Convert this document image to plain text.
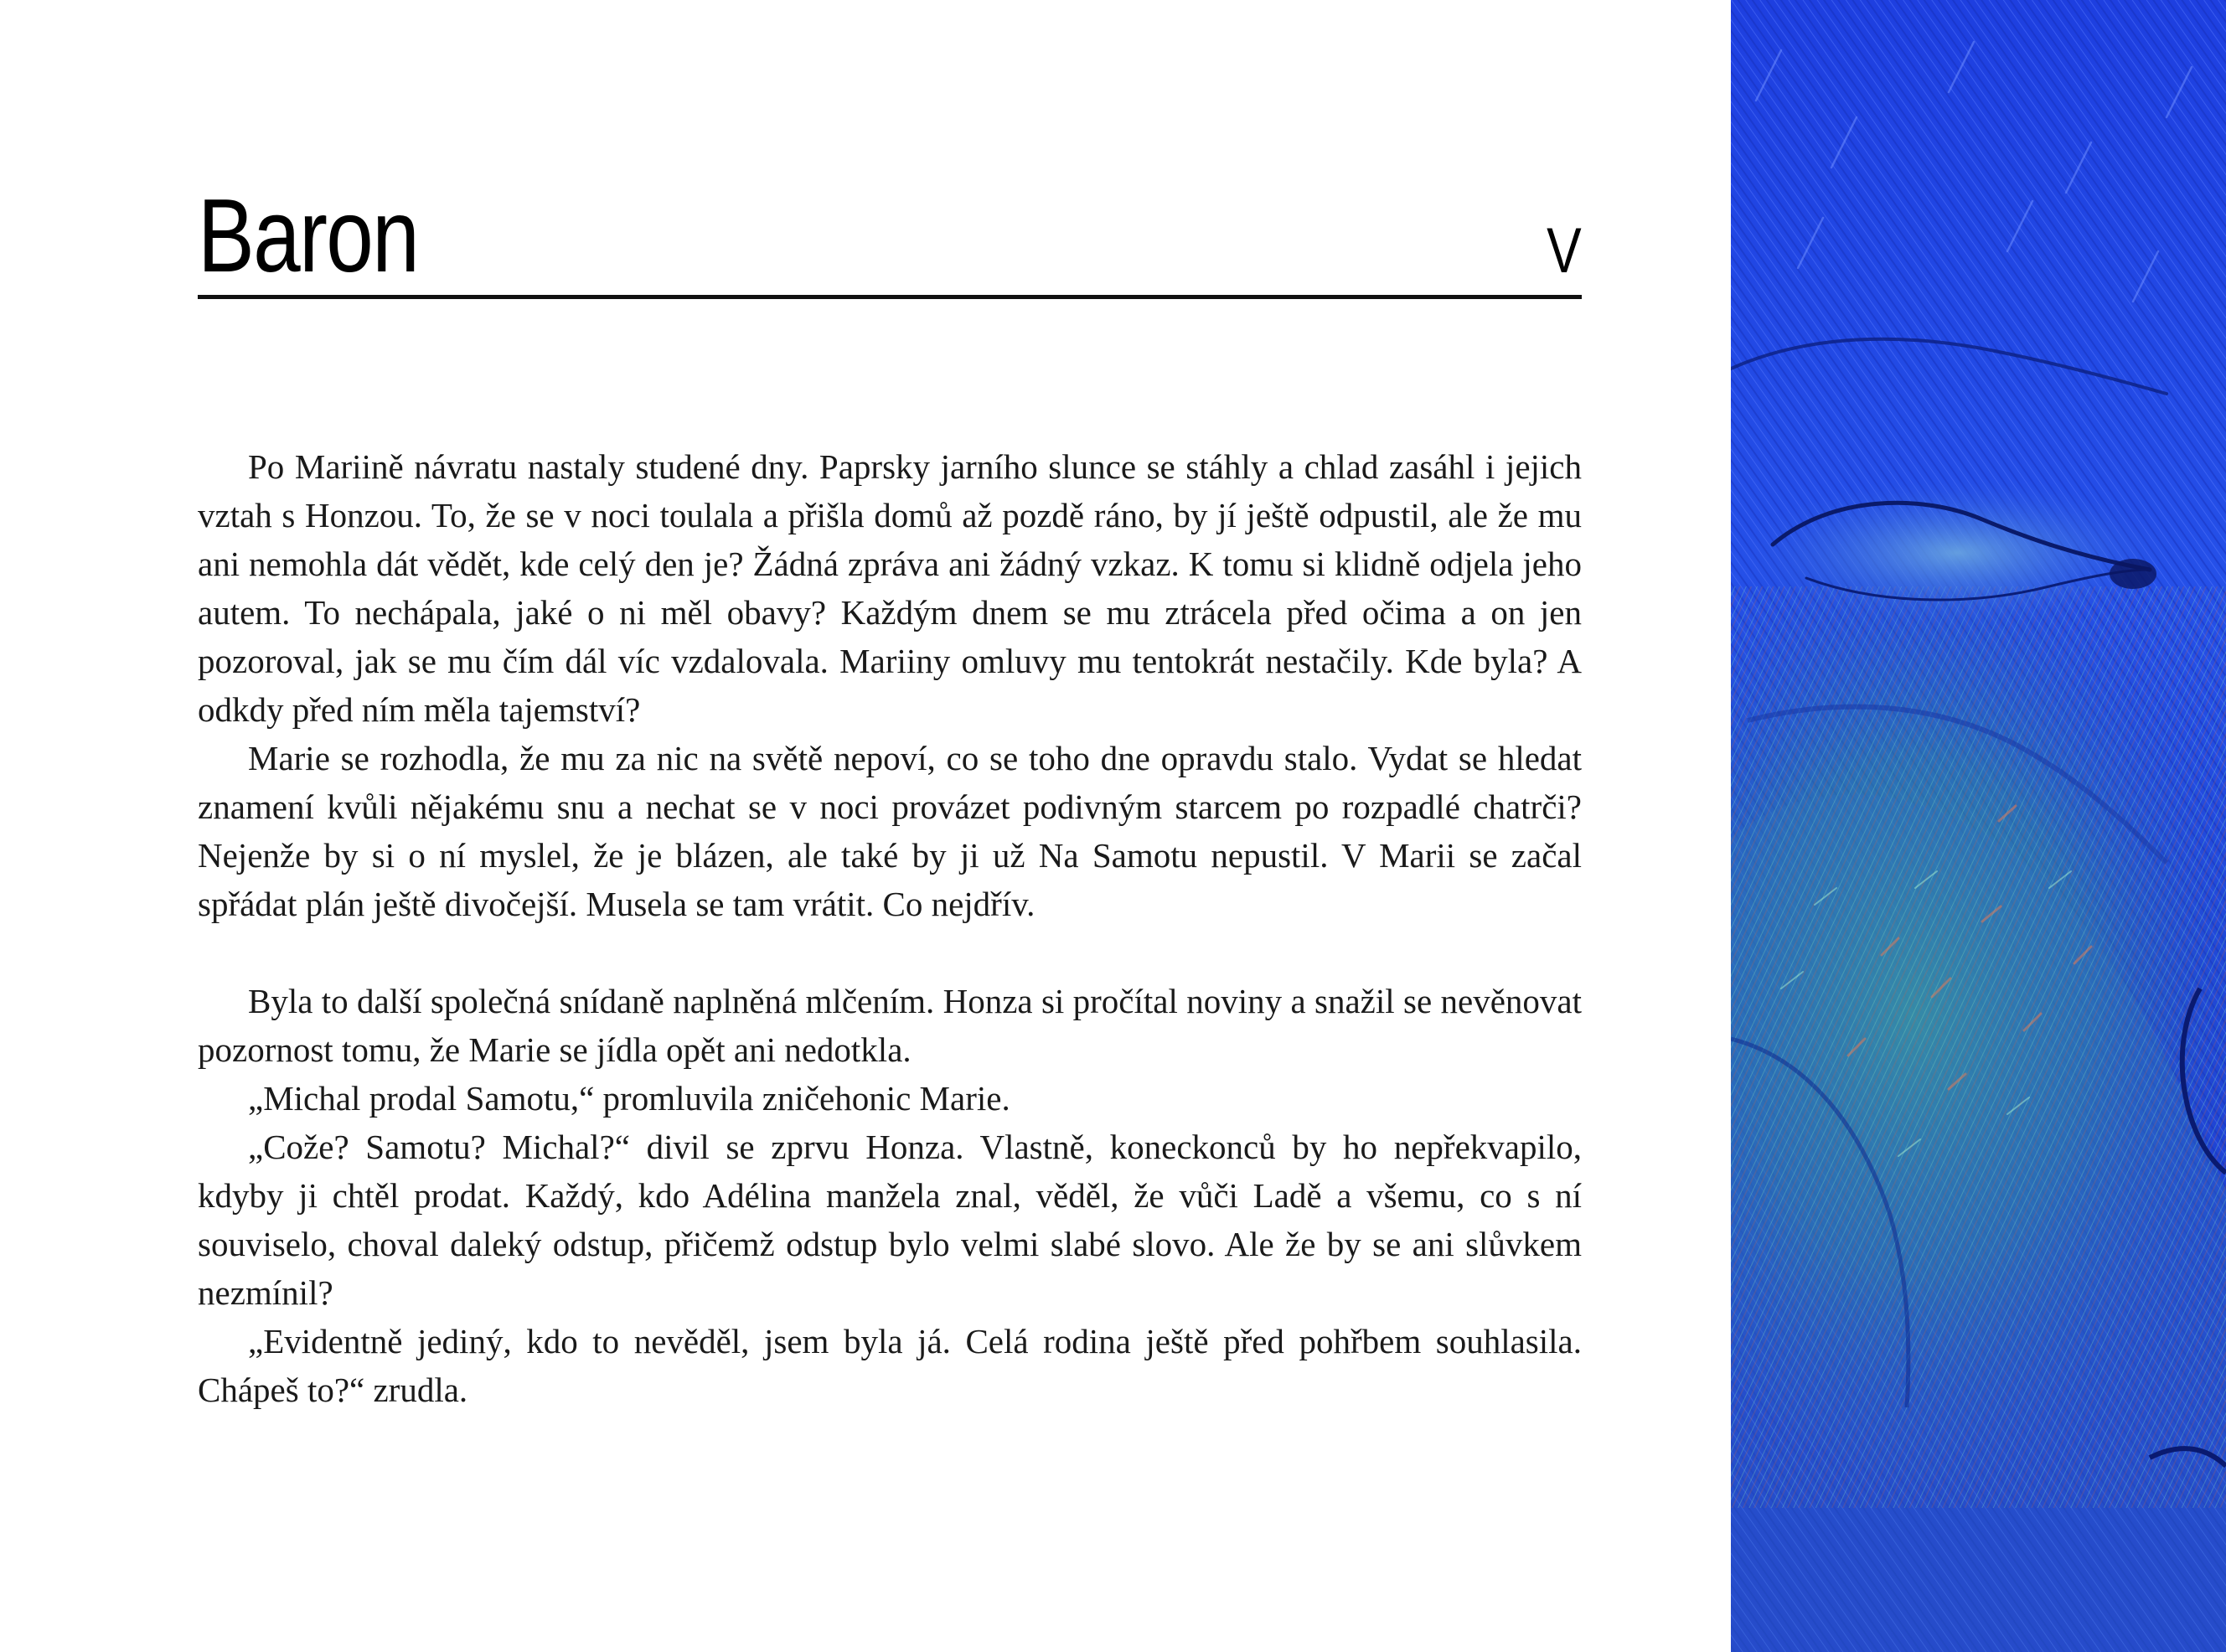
Baron	V

Po Mariině návratu nastaly studené dny. Paprsky jarního slunce se stáhly a chlad zasáhl i jejich vztah s Honzou. To, že se v noci toulala a přišla domů až pozdě ráno, by jí ještě odpustil, ale že mu ani nemohla dát vědět, kde celý den je? Žádná zpráva ani žádný vzkaz. K tomu si klidně odjela jeho autem. To nechápala, jaké o ni měl obavy? Každým dnem se mu ztrácela před očima a on jen pozoroval, jak se mu čím dál víc vzdalovala. Mariiny omluvy mu tentokrát nestačily. Kde byla? A odkdy před ním měla tajemství?

Marie se rozhodla, že mu za nic na světě nepoví, co se toho dne opravdu stalo. Vydat se hledat znamení kvůli nějakému snu a nechat se v noci provázet podivným starcem po rozpadlé chatrči? Nejenže by si o ní myslel, že je blázen, ale také by ji už Na Samotu nepustil. V Marii se začal spřádat plán ještě divočejší. Musela se tam vrátit. Co nejdřív.

Byla to další společná snídaně naplněná mlčením. Honza si pročítal noviny a snažil se nevěnovat pozornost tomu, že Marie se jídla opět ani nedotkla.

„Michal prodal Samotu,“ promluvila zničehonic Marie.

„Cože? Samotu? Michal?“ divil se zprvu Honza. Vlastně, koneckonců by ho nepřekvapilo, kdyby ji chtěl prodat. Každý, kdo Adélina manžela znal, věděl, že vůči Ladě a všemu, co s ní souviselo, choval daleký odstup, přičemž odstup bylo velmi slabé slovo. Ale že by se ani slůvkem nezmínil?

„Evidentně jediný, kdo to nevěděl, jsem byla já. Celá rodina ještě před pohřbem souhlasila. Chápeš to?“ zrudla.
